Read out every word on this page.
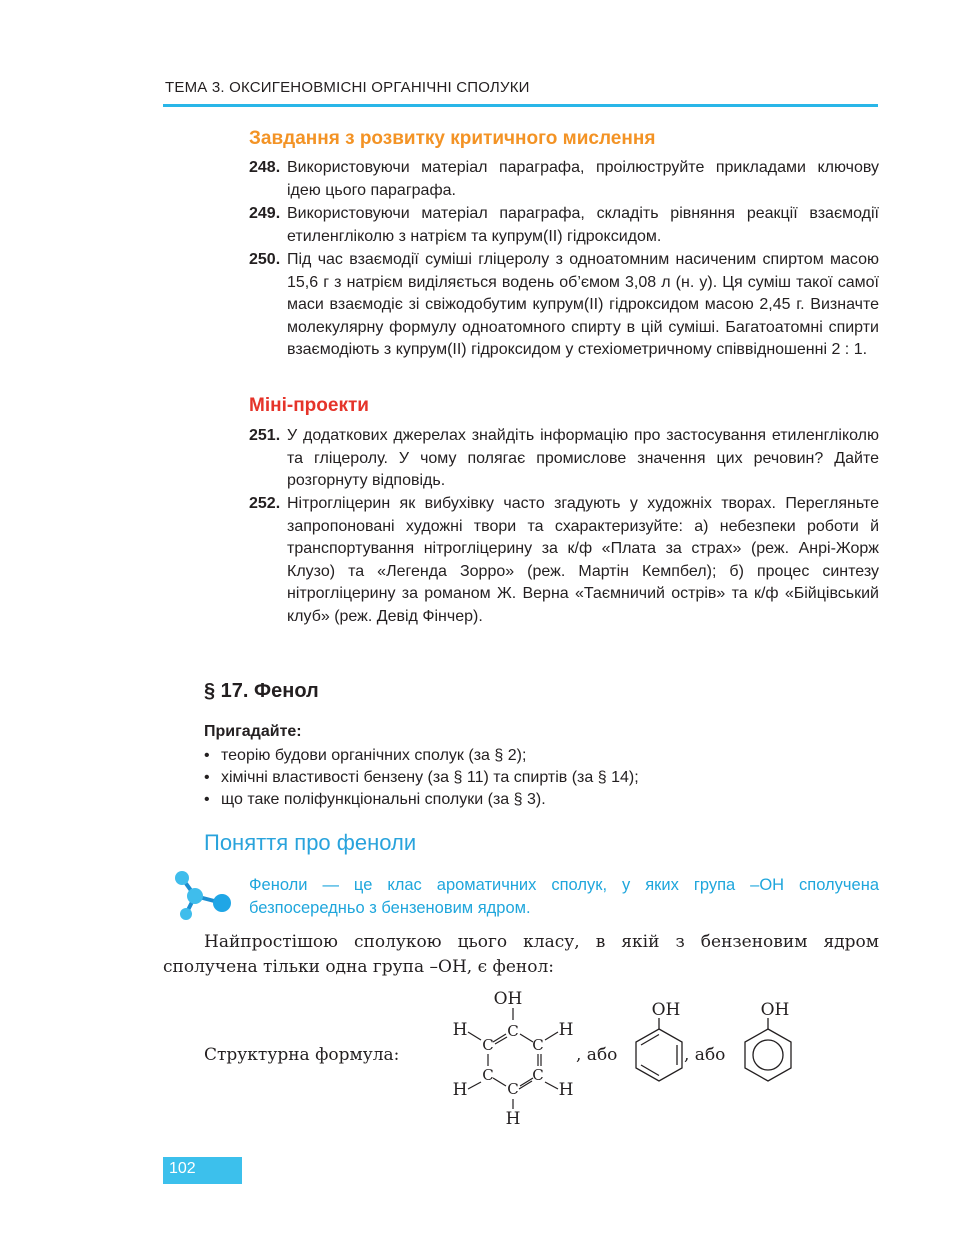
ТЕМА 3. ОКСИГЕНОВМІСНІ ОРГАНІЧНІ СПОЛУКИ
Завдання з розвитку критичного мислення
248. Використовуючи матеріал параграфа, проілюструйте прикладами ключову ідею цього параграфа.
249. Використовуючи матеріал параграфа, складіть рівняння реакції взаємодії етиленгліколю з натрієм та купрум(ІІ) гідроксидом.
250. Під час взаємодії суміші гліцеролу з одноатомним насиченим спиртом масою 15,6 г з натрієм виділяється водень об’ємом 3,08 л (н. у). Ця суміш такої самої маси взаємодіє зі свіжодобутим купрум(ІІ) гідроксидом масою 2,45 г. Визначте молекулярну формулу одноатомного спирту в цій суміші. Багатоатомні спирти взаємодіють з купрум(ІІ) гідроксидом у стехіометричному співвідношенні 2 : 1.
Міні-проекти
251. У додаткових джерелах знайдіть інформацію про застосування етиленгліколю та гліцеролу. У чому полягає промислове значення цих речовин? Дайте розгорнуту відповідь.
252. Нітрогліцерин як вибухівку часто згадують у художніх творах. Перегляньте запропоновані художні твори та схарактеризуйте: а) небезпеки роботи й транспортування нітрогліцерину за к/ф «Плата за страх» (реж. Анрі-Жорж Клузо) та «Легенда Зорро» (реж. Мартін Кемпбел); б) процес синтезу нітрогліцерину за романом Ж. Верна «Таємничий острів» та к/ф «Бійцівський клуб» (реж. Девід Фінчер).
§ 17. Фенол
Пригадайте:
• теорію будови органічних сполук (за § 2);
• хімічні властивості бензену (за § 11) та спиртів (за § 14);
• що таке поліфункціональні сполуки (за § 3).
Поняття про феноли
Феноли — це клас ароматичних сполук, у яких група –ОН сполучена безпосередньо з бензеновим ядром.
Найпростішою сполукою цього класу, в якій з бензеновим ядром сполучена тільки одна група –OH, є фенол:
Структурна формула:
OH
C
C	C
C	C
C
H	H
H	H
H
, або
OH
, або
OH
102
